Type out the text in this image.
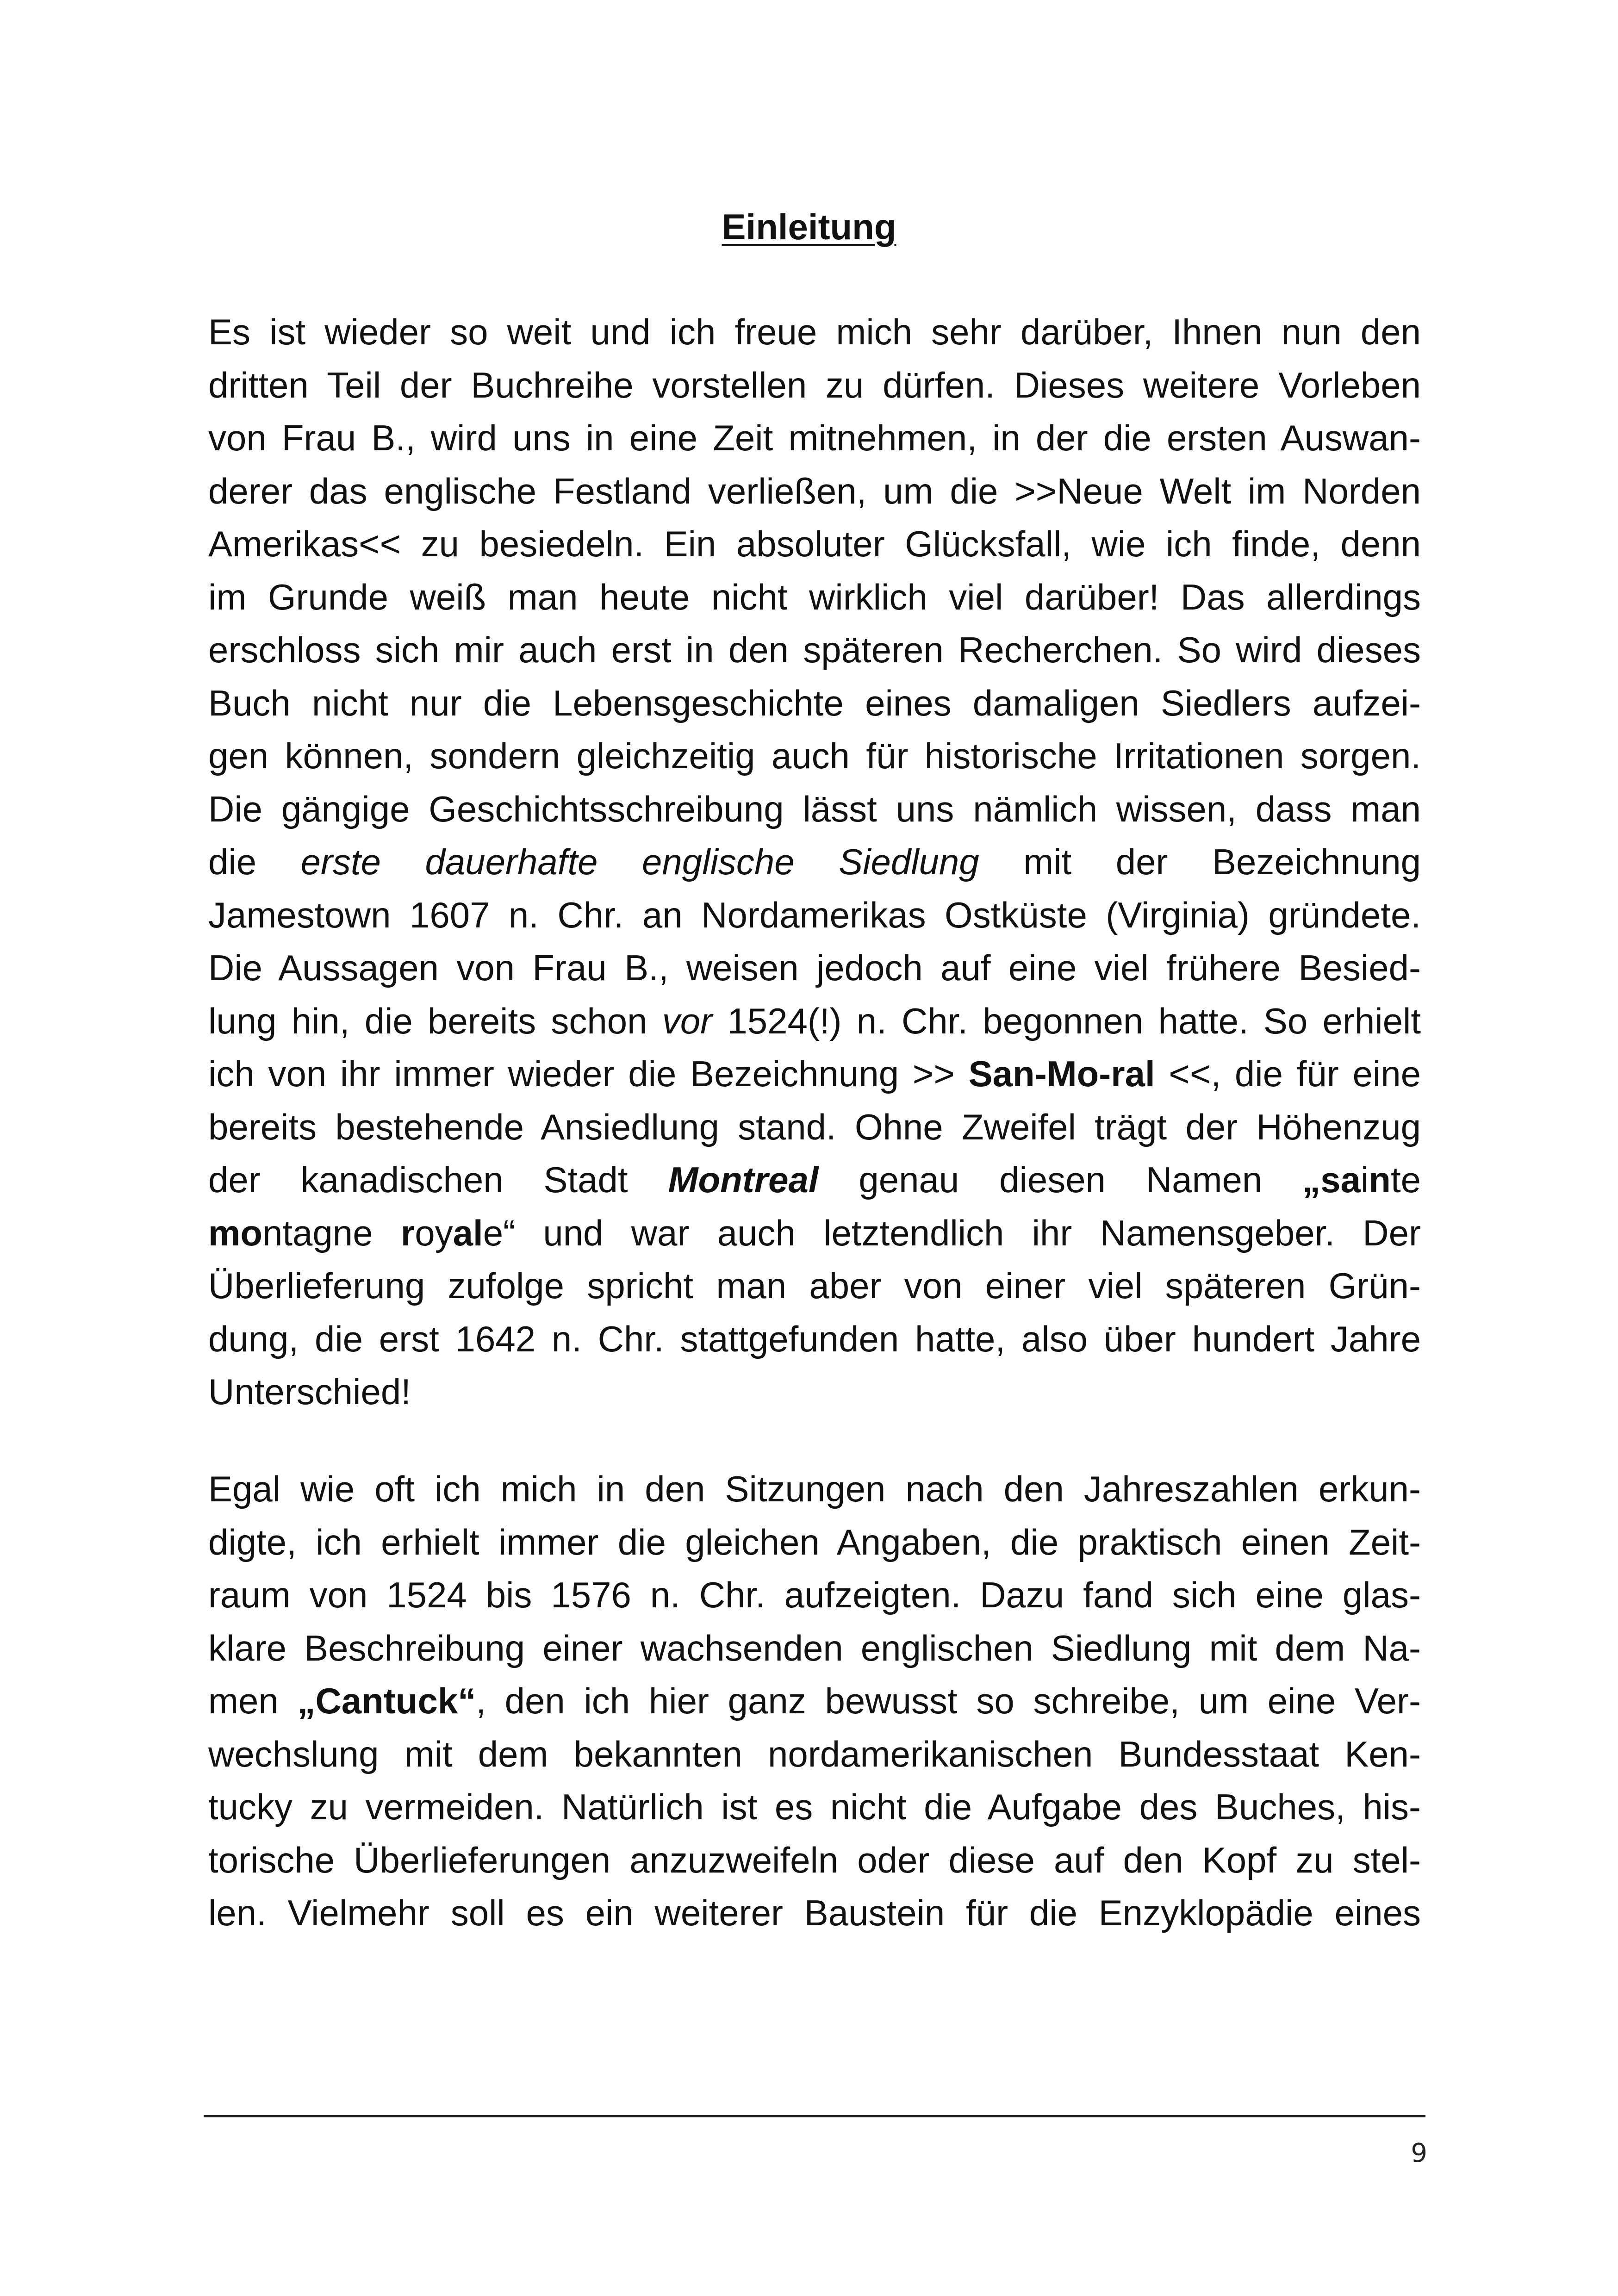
Einleitung
Es ist wieder so weit und ich freue mich sehr darüber, Ihnen nun den
dritten Teil der Buchreihe vorstellen zu dürfen. Dieses weitere Vorleben
von Frau B., wird uns in eine Zeit mitnehmen, in der die ersten Auswan-
derer das englische Festland verließen, um die >>Neue Welt im Norden
Amerikas<< zu besiedeln. Ein absoluter Glücksfall, wie ich finde, denn
im Grunde weiß man heute nicht wirklich viel darüber! Das allerdings
erschloss sich mir auch erst in den späteren Recherchen. So wird dieses
Buch nicht nur die Lebensgeschichte eines damaligen Siedlers aufzei-
gen können, sondern gleichzeitig auch für historische Irritationen sorgen.
Die gängige Geschichtsschreibung lässt uns nämlich wissen, dass man
die erste dauerhafte englische Siedlung mit der Bezeichnung
Jamestown 1607 n. Chr. an Nordamerikas Ostküste (Virginia) gründete.
Die Aussagen von Frau B., weisen jedoch auf eine viel frühere Besied-
lung hin, die bereits schon vor 1524(!) n. Chr. begonnen hatte. So erhielt
ich von ihr immer wieder die Bezeichnung >> San-Mo-ral <<, die für eine
bereits bestehende Ansiedlung stand. Ohne Zweifel trägt der Höhenzug
der kanadischen Stadt Montreal genau diesen Namen „sainte
montagne royale“ und war auch letztendlich ihr Namensgeber. Der
Überlieferung zufolge spricht man aber von einer viel späteren Grün-
dung, die erst 1642 n. Chr. stattgefunden hatte, also über hundert Jahre
Unterschied!
Egal wie oft ich mich in den Sitzungen nach den Jahreszahlen erkun-
digte, ich erhielt immer die gleichen Angaben, die praktisch einen Zeit-
raum von 1524 bis 1576 n. Chr. aufzeigten. Dazu fand sich eine glas-
klare Beschreibung einer wachsenden englischen Siedlung mit dem Na-
men „Cantuck“, den ich hier ganz bewusst so schreibe, um eine Ver-
wechslung mit dem bekannten nordamerikanischen Bundesstaat Ken-
tucky zu vermeiden. Natürlich ist es nicht die Aufgabe des Buches, his-
torische Überlieferungen anzuzweifeln oder diese auf den Kopf zu stel-
len. Vielmehr soll es ein weiterer Baustein für die Enzyklopädie eines
9
